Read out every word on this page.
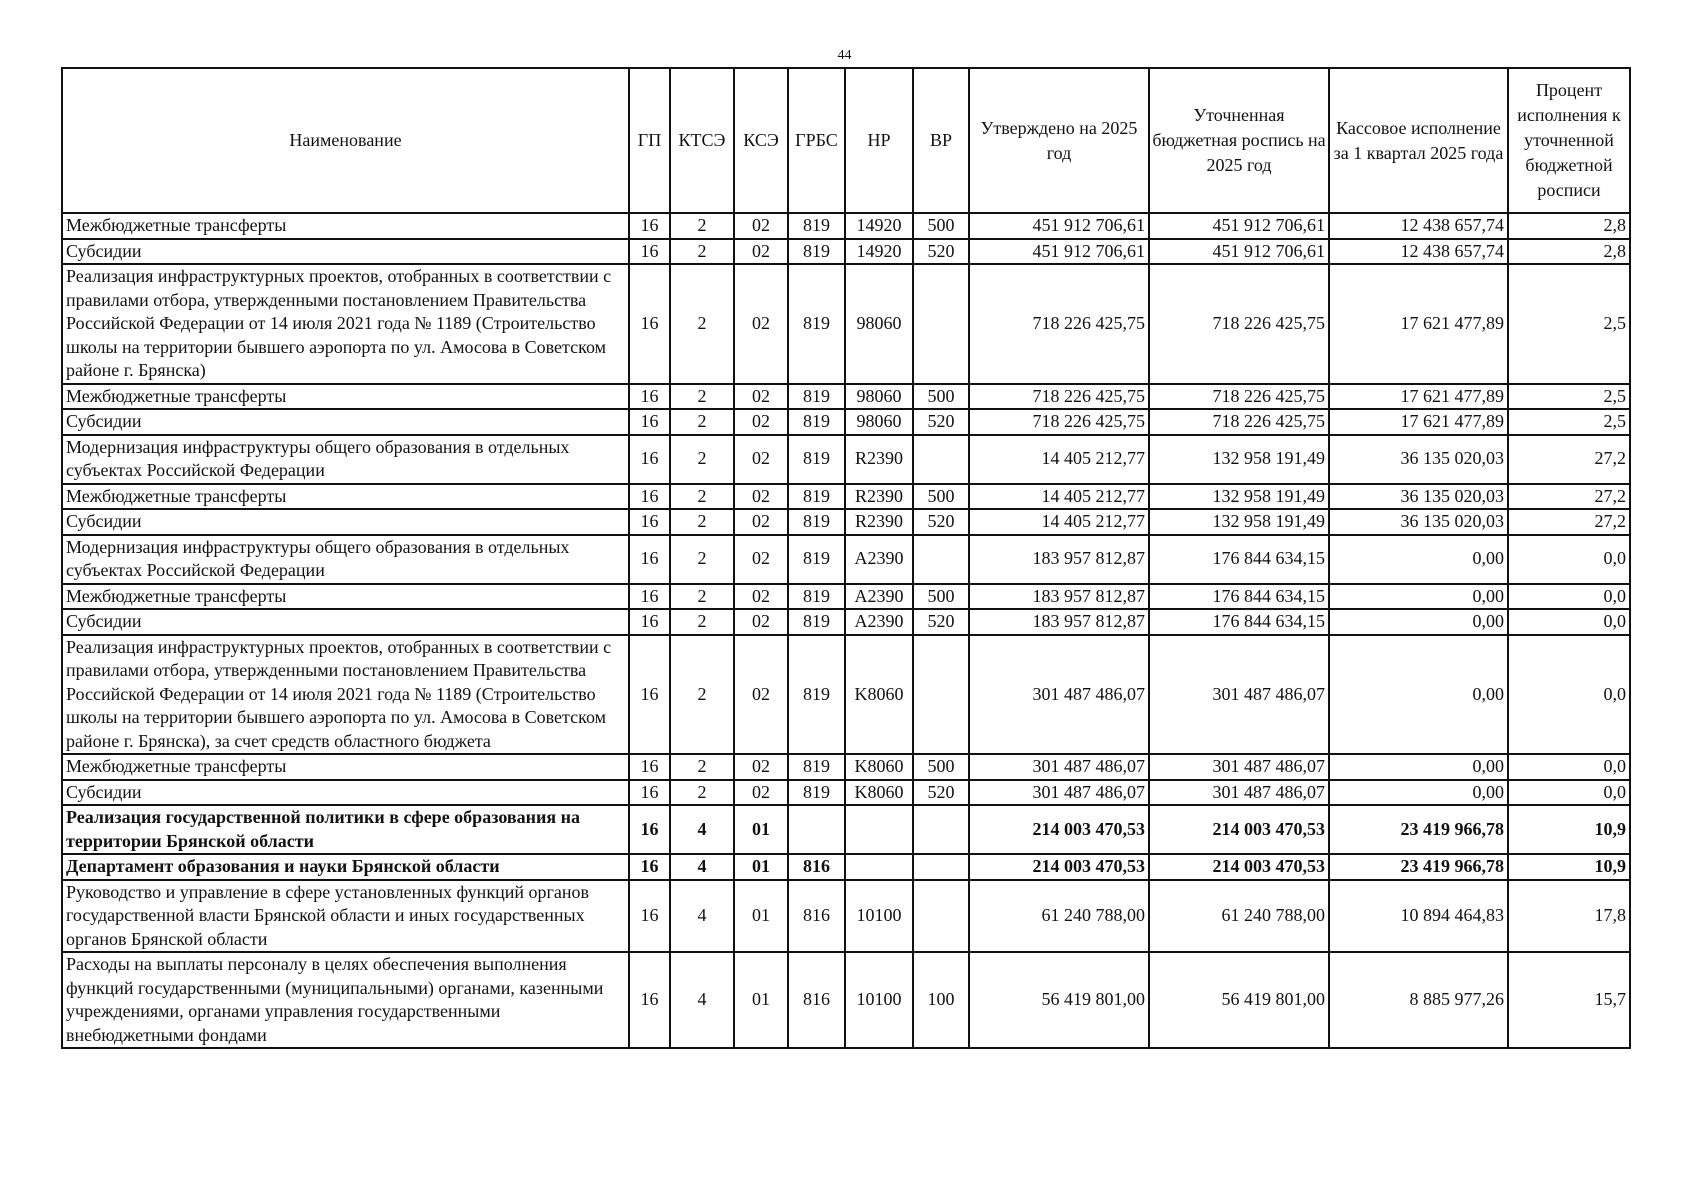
44
Наименование	ГП	КТСЭ	КСЭ	ГРБС	НР	ВР	Утверждено на 2025 год	Уточненная бюджетная роспись на 2025 год	Кассовое исполнение за 1 квартал 2025 года	Процент исполнения к уточненной бюджетной росписи
Межбюджетные трансферты	16	2	02	819	14920	500	451 912 706,61	451 912 706,61	12 438 657,74	2,8
Субсидии	16	2	02	819	14920	520	451 912 706,61	451 912 706,61	12 438 657,74	2,8
Реализация инфраструктурных проектов, отобранных в соответствии с правилами отбора, утвержденными постановлением Правительства Российской Федерации от 14 июля 2021 года № 1189 (Строительство школы на территории бывшего аэропорта по ул. Амосова в Советском районе г. Брянска)	16	2	02	819	98060		718 226 425,75	718 226 425,75	17 621 477,89	2,5
Межбюджетные трансферты	16	2	02	819	98060	500	718 226 425,75	718 226 425,75	17 621 477,89	2,5
Субсидии	16	2	02	819	98060	520	718 226 425,75	718 226 425,75	17 621 477,89	2,5
Модернизация инфраструктуры общего образования в отдельных субъектах Российской Федерации	16	2	02	819	R2390		14 405 212,77	132 958 191,49	36 135 020,03	27,2
Межбюджетные трансферты	16	2	02	819	R2390	500	14 405 212,77	132 958 191,49	36 135 020,03	27,2
Субсидии	16	2	02	819	R2390	520	14 405 212,77	132 958 191,49	36 135 020,03	27,2
Модернизация инфраструктуры общего образования в отдельных субъектах Российской Федерации	16	2	02	819	A2390		183 957 812,87	176 844 634,15	0,00	0,0
Межбюджетные трансферты	16	2	02	819	A2390	500	183 957 812,87	176 844 634,15	0,00	0,0
Субсидии	16	2	02	819	A2390	520	183 957 812,87	176 844 634,15	0,00	0,0
Реализация инфраструктурных проектов, отобранных в соответствии с правилами отбора, утвержденными постановлением Правительства Российской Федерации от 14 июля 2021 года № 1189 (Строительство школы на территории бывшего аэропорта по ул. Амосова в Советском районе г. Брянска), за счет средств областного бюджета	16	2	02	819	K8060		301 487 486,07	301 487 486,07	0,00	0,0
Межбюджетные трансферты	16	2	02	819	K8060	500	301 487 486,07	301 487 486,07	0,00	0,0
Субсидии	16	2	02	819	K8060	520	301 487 486,07	301 487 486,07	0,00	0,0
Реализация государственной политики в сфере образования на территории Брянской области	16	4	01				214 003 470,53	214 003 470,53	23 419 966,78	10,9
Департамент образования и науки Брянской области	16	4	01	816			214 003 470,53	214 003 470,53	23 419 966,78	10,9
Руководство и управление в сфере установленных функций органов государственной власти Брянской области и иных государственных органов Брянской области	16	4	01	816	10100		61 240 788,00	61 240 788,00	10 894 464,83	17,8
Расходы на выплаты персоналу в целях обеспечения выполнения функций государственными (муниципальными) органами, казенными учреждениями, органами управления государственными внебюджетными фондами	16	4	01	816	10100	100	56 419 801,00	56 419 801,00	8 885 977,26	15,7
